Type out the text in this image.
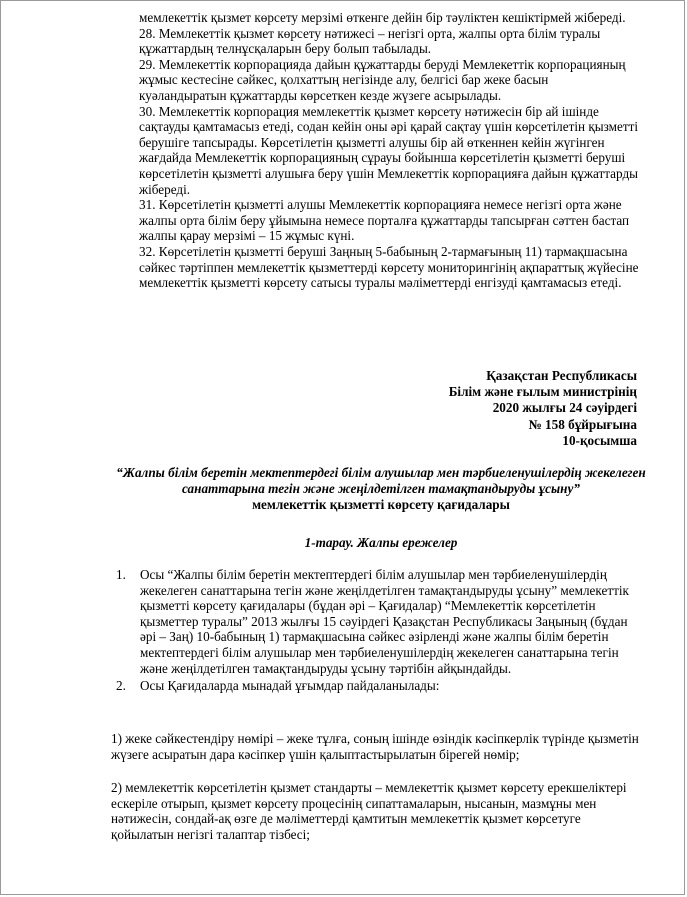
мемлекеттік қызмет көрсету мерзімі өткенге дейін бір тəуліктен кешіктірмей жібереді.

28. Мемлекеттік қызмет көрсету нəтижесі – негізгі орта, жалпы орта білім туралы құжаттардың телнұсқаларын беру болып табылады.

29. Мемлекеттік корпорацияда дайын құжаттарды беруді Мемлекеттік корпорацияның жұмыс кестесіне сəйкес, қолхаттың негізінде алу, белгісі бар жеке басын куəландыратын құжаттарды көрсеткен кезде жүзеге асырылады.

30. Мемлекеттік корпорация мемлекеттік қызмет көрсету нəтижесін бір ай ішінде сақтауды қамтамасыз етеді, содан кейін оны əрі қарай сақтау үшін көрсетілетін қызметті берушіге тапсырады. Көрсетілетін қызметті алушы бір ай өткеннен кейін жүгінген жағдайда Мемлекеттік корпорацияның сұрауы бойынша көрсетілетін қызметті беруші көрсетілетін қызметті алушыға беру үшін Мемлекеттік корпорацияға дайын құжаттарды жібереді.

31. Көрсетілетін қызметті алушы Мемлекеттік корпорацияға немесе негізгі орта жəне жалпы орта білім беру ұйымына немесе порталға құжаттарды тапсырған сəттен бастап жалпы қарау мерзімі – 15 жұмыс күні.

32. Көрсетілетін қызметті беруші Заңның 5-бабының 2-тармағының 11) тармақшасына сəйкес тəртіппен мемлекеттік қызметтерді көрсету мониторингінің ақпараттық жүйесіне мемлекеттік қызметті көрсету сатысы туралы мəліметтерді енгізуді қамтамасыз етеді.

Қазақстан Республикасы
Білім жəне ғылым министрінің
2020 жылғы 24 сəуірдегі
№ 158 бұйрығына
10-қосымша
“Жалпы білім беретін мектептердегі білім алушылар мен тəрбиеленушілердің жекелеген санаттарына тегін жəне жеңілдетілген тамақтандыруды ұсыну”
мемлекеттік қызметті көрсету қағидалары
1-тарау. Жалпы ережелер
1. Осы “Жалпы білім беретін мектептердегі білім алушылар мен тəрбиеленушілердің жекелеген санаттарына тегін жəне жеңілдетілген тамақтандыруды ұсыну” мемлекеттік қызметті көрсету қағидалары (бұдан əрі – Қағидалар) “Мемлекеттік көрсетілетін қызметтер туралы” 2013 жылғы 15 сəуірдегі Қазақстан Республикасы Заңының (бұдан əрі – Заң) 10-бабының 1) тармақшасына сəйкес əзірленді жəне жалпы білім беретін мектептердегі білім алушылар мен тəрбиеленушілердің жекелеген санаттарына тегін жəне жеңілдетілген тамақтандыруды ұсыну тəртібін айқындайды.
2. Осы Қағидаларда мынадай ұғымдар пайдаланылады:

1) жеке сəйкестендіру нөмірі – жеке тұлға, соның ішінде өзіндік кəсіпкерлік түрінде қызметін жүзеге асыратын дара кəсіпкер үшін қалыптастырылатын бірегей нөмір;

2) мемлекеттік көрсетілетін қызмет стандарты – мемлекеттік қызмет көрсету ерекшеліктері ескеріле отырып, қызмет көрсету процесінің сипаттамаларын, нысанын, мазмұны мен нəтижесін, сондай-ақ өзге де мəліметтерді қамтитын мемлекеттік қызмет көрсетуге қойылатын негізгі талаптар тізбесі;
